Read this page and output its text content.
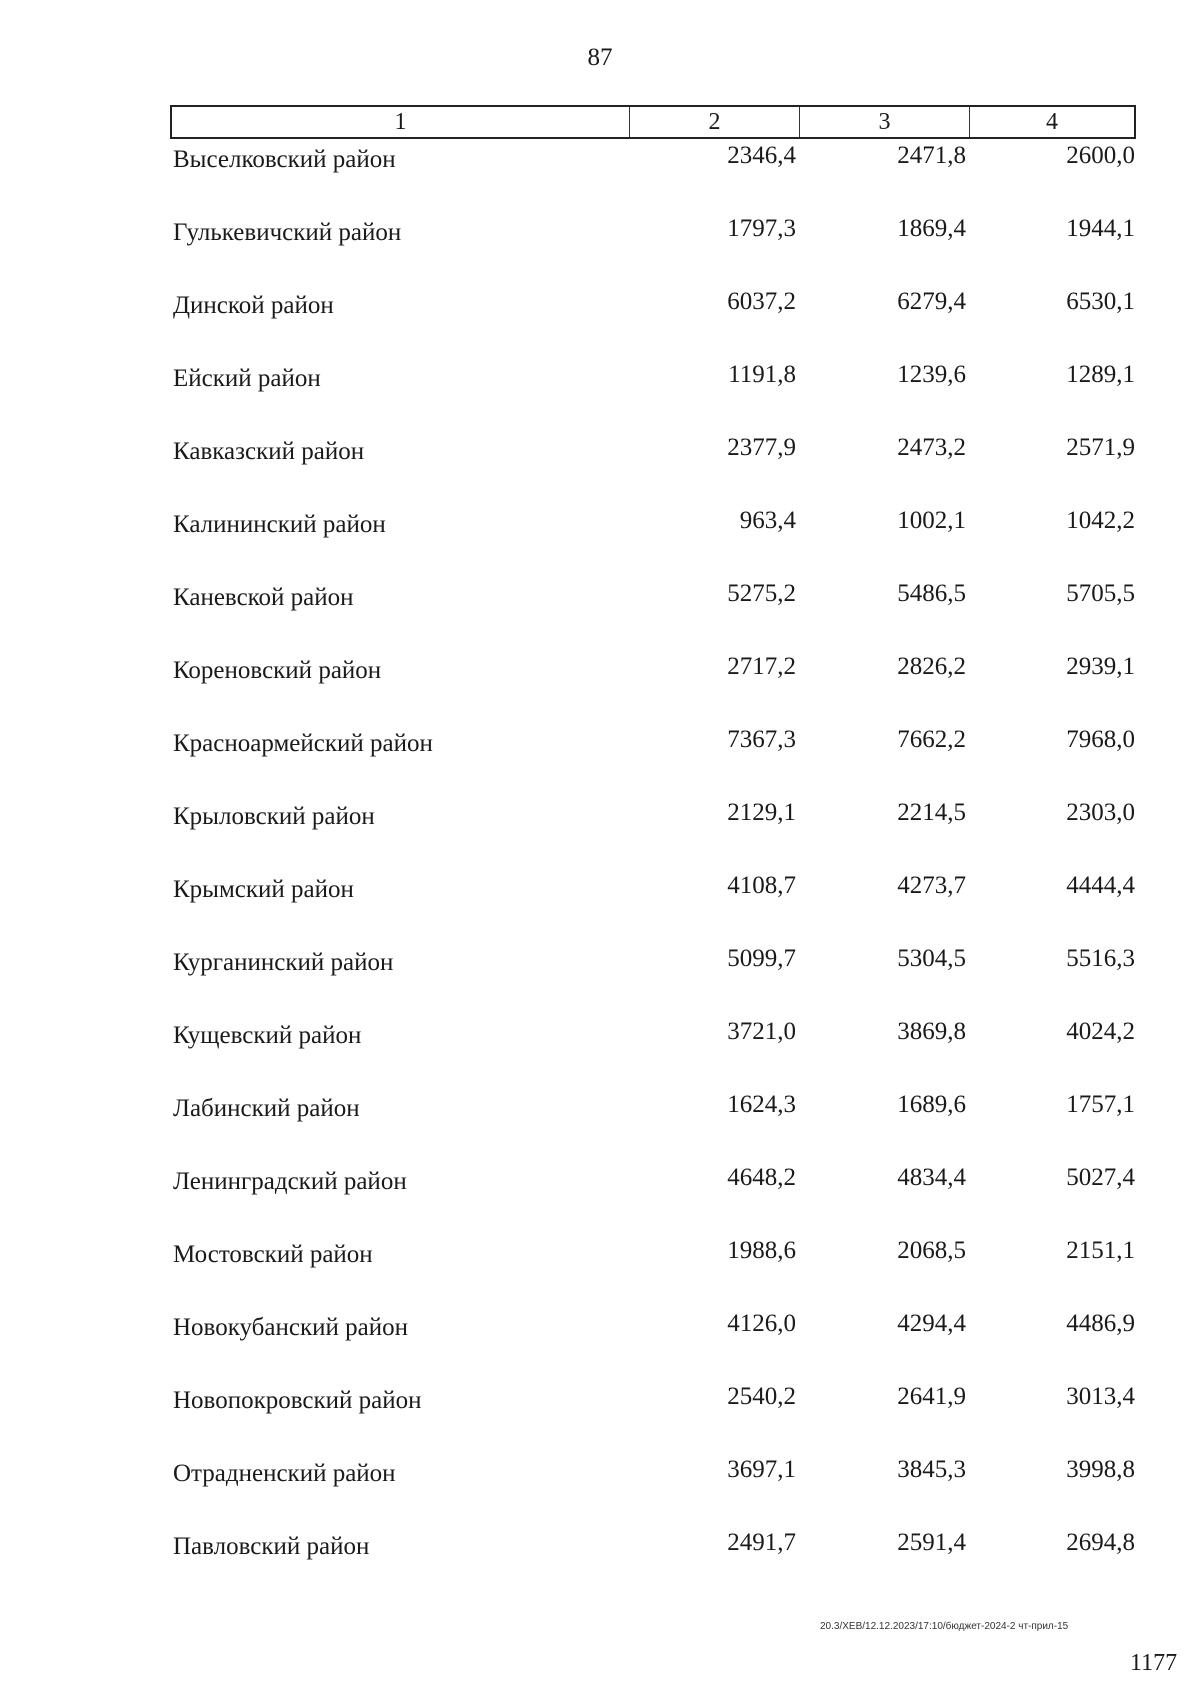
87
1	2	3	4
Выселковский район	2346,4	2471,8	2600,0
Гулькевичский район	1797,3	1869,4	1944,1
Динской район	6037,2	6279,4	6530,1
Ейский район	1191,8	1239,6	1289,1
Кавказский район	2377,9	2473,2	2571,9
Калининский район	963,4	1002,1	1042,2
Каневской район	5275,2	5486,5	5705,5
Кореновский район	2717,2	2826,2	2939,1
Красноармейский район	7367,3	7662,2	7968,0
Крыловский район	2129,1	2214,5	2303,0
Крымский район	4108,7	4273,7	4444,4
Курганинский район	5099,7	5304,5	5516,3
Кущевский район	3721,0	3869,8	4024,2
Лабинский район	1624,3	1689,6	1757,1
Ленинградский район	4648,2	4834,4	5027,4
Мостовский район	1988,6	2068,5	2151,1
Новокубанский район	4126,0	4294,4	4486,9
Новопокровский район	2540,2	2641,9	3013,4
Отрадненский район	3697,1	3845,3	3998,8
Павловский район	2491,7	2591,4	2694,8
20.3/ХЕВ/12.12.2023/17:10/бюджет-2024-2 чт-прил-15
1177
